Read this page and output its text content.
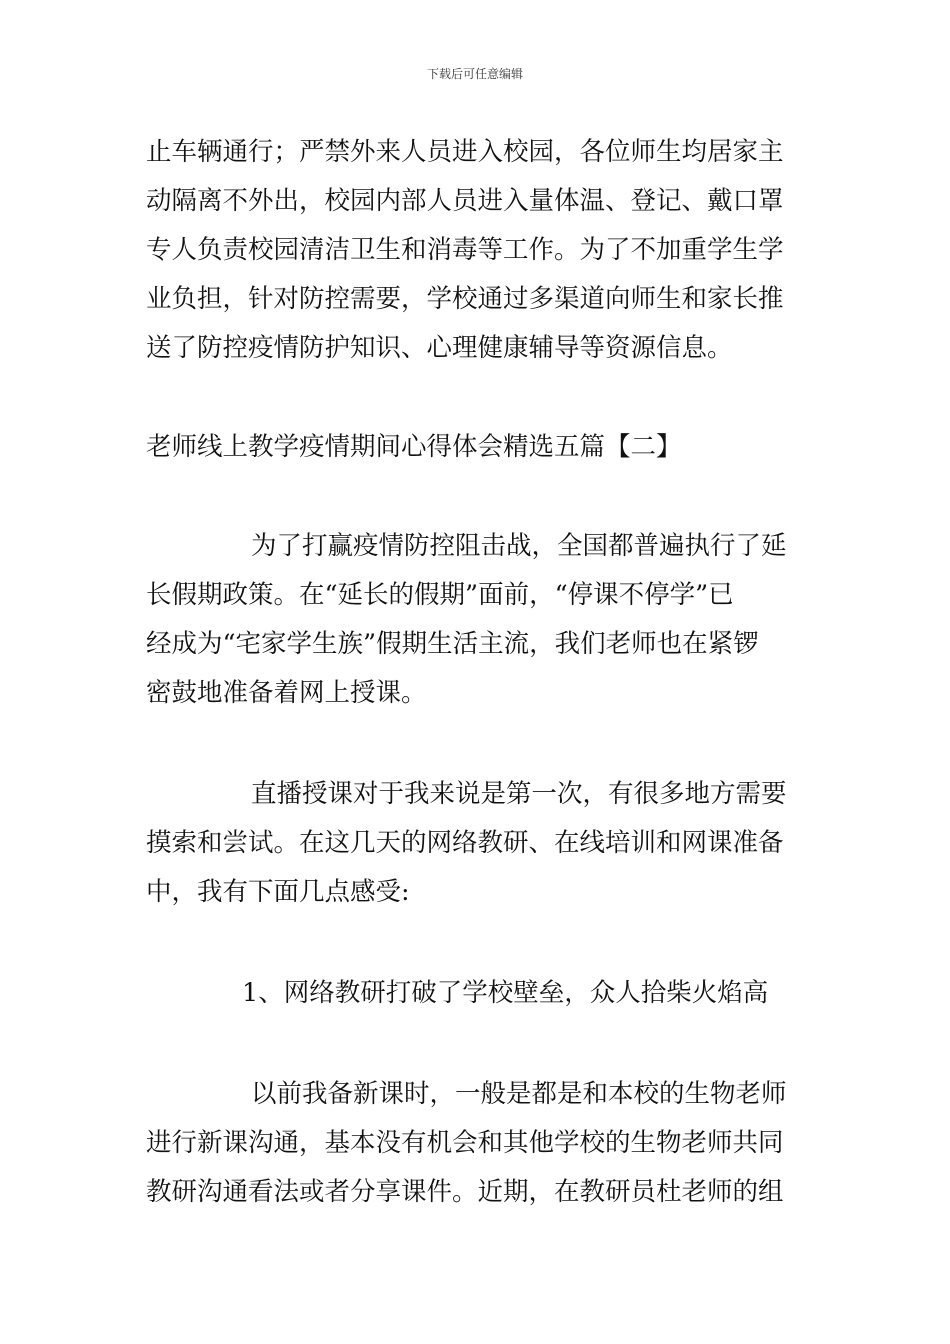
下载后可任意编辑
止车辆通行；严禁外来人员进入校园，各位师生均居家主
动隔离不外出，校园内部人员进入量体温、登记、戴口罩
专人负责校园清洁卫生和消毒等工作。为了不加重学生学
业负担，针对防控需要，学校通过多渠道向师生和家长推
送了防控疫情防护知识、心理健康辅导等资源信息。
老师线上教学疫情期间心得体会精选五篇【二】
为了打赢疫情防控阻击战，全国都普遍执行了延
长假期政策。在“延长的假期”面前，“停课不停学”已
经成为“宅家学生族”假期生活主流，我们老师也在紧锣
密鼓地准备着网上授课。
直播授课对于我来说是第一次，有很多地方需要
摸索和尝试。在这几天的网络教研、在线培训和网课准备
中，我有下面几点感受:
1、网络教研打破了学校壁垒，众人拾柴火焰高
以前我备新课时，一般是都是和本校的生物老师
进行新课沟通，基本没有机会和其他学校的生物老师共同
教研沟通看法或者分享课件。近期，在教研员杜老师的组
